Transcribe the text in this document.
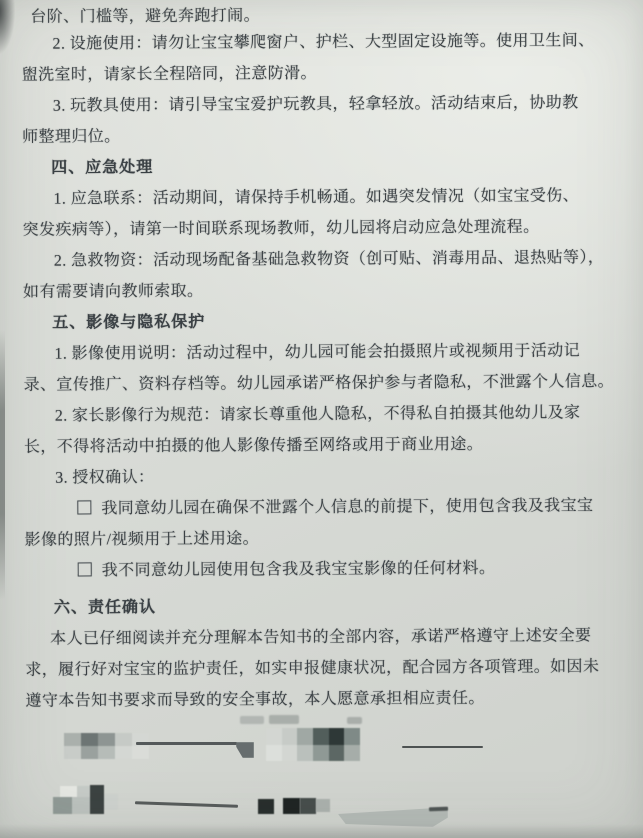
台阶、门槛等，避免奔跑打闹。
2. 设施使用：请勿让宝宝攀爬窗户、护栏、大型固定设施等。使用卫生间、
盥洗室时，请家长全程陪同，注意防滑。
3. 玩教具使用：请引导宝宝爱护玩教具，轻拿轻放。活动结束后，协助教
师整理归位。
四、应急处理
1. 应急联系：活动期间，请保持手机畅通。如遇突发情况（如宝宝受伤、
突发疾病等），请第一时间联系现场教师，幼儿园将启动应急处理流程。
2. 急救物资：活动现场配备基础急救物资（创可贴、消毒用品、退热贴等），
如有需要请向教师索取。
五、影像与隐私保护
1. 影像使用说明：活动过程中，幼儿园可能会拍摄照片或视频用于活动记
录、宣传推广、资料存档等。幼儿园承诺严格保护参与者隐私，不泄露个人信息。
2. 家长影像行为规范：请家长尊重他人隐私，不得私自拍摄其他幼儿及家
长，不得将活动中拍摄的他人影像传播至网络或用于商业用途。
3. 授权确认：
我同意幼儿园在确保不泄露个人信息的前提下，使用包含我及我宝宝
影像的照片/视频用于上述用途。
我不同意幼儿园使用包含我及我宝宝影像的任何材料。
六、责任确认
本人已仔细阅读并充分理解本告知书的全部内容，承诺严格遵守上述安全要
求，履行好对宝宝的监护责任，如实申报健康状况，配合园方各项管理。如因未
遵守本告知书要求而导致的安全事故，本人愿意承担相应责任。
